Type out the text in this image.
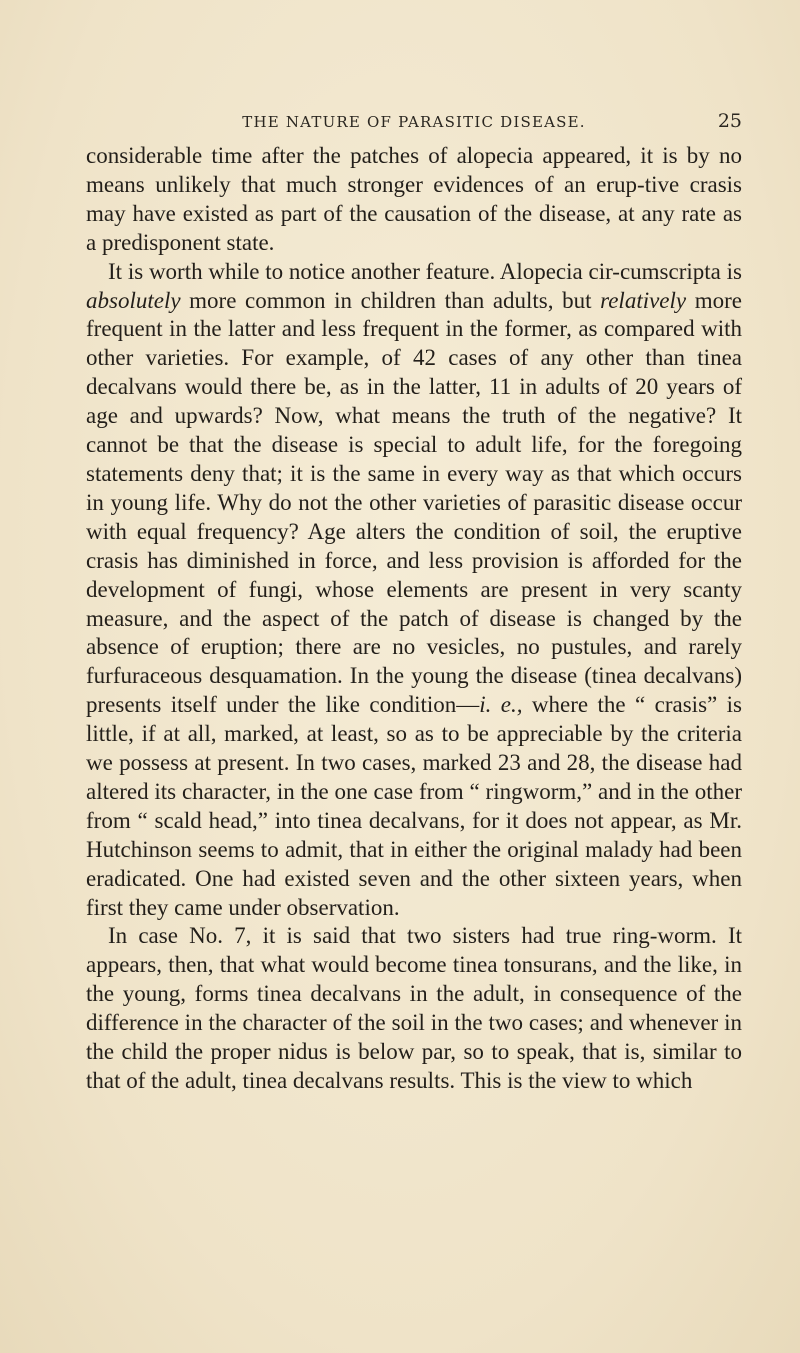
THE NATURE OF PARASITIC DISEASE.	25

considerable time after the patches of alopecia appeared, it is by no means unlikely that much stronger evidences of an erup-tive crasis may have existed as part of the causation of the disease, at any rate as a predisponent state.

It is worth while to notice another feature. Alopecia cir-cumscripta is absolutely more common in children than adults, but relatively more frequent in the latter and less frequent in the former, as compared with other varieties. For example, of 42 cases of any other than tinea decalvans would there be, as in the latter, 11 in adults of 20 years of age and upwards? Now, what means the truth of the negative? It cannot be that the disease is special to adult life, for the foregoing statements deny that; it is the same in every way as that which occurs in young life. Why do not the other varieties of parasitic disease occur with equal frequency? Age alters the condition of soil, the eruptive crasis has diminished in force, and less provision is afforded for the development of fungi, whose elements are present in very scanty measure, and the aspect of the patch of disease is changed by the absence of eruption; there are no vesicles, no pustules, and rarely furfuraceous desquamation. In the young the disease (tinea decalvans) presents itself under the like condition—i. e., where the “ crasis” is little, if at all, marked, at least, so as to be appreciable by the criteria we possess at present. In two cases, marked 23 and 28, the disease had altered its character, in the one case from “ ringworm,” and in the other from “ scald head,” into tinea decalvans, for it does not appear, as Mr. Hutchinson seems to admit, that in either the original malady had been eradicated. One had existed seven and the other sixteen years, when first they came under observation.

In case No. 7, it is said that two sisters had true ring-worm. It appears, then, that what would become tinea tonsurans, and the like, in the young, forms tinea decalvans in the adult, in consequence of the difference in the character of the soil in the two cases; and whenever in the child the proper nidus is below par, so to speak, that is, similar to that of the adult, tinea decalvans results. This is the view to which
